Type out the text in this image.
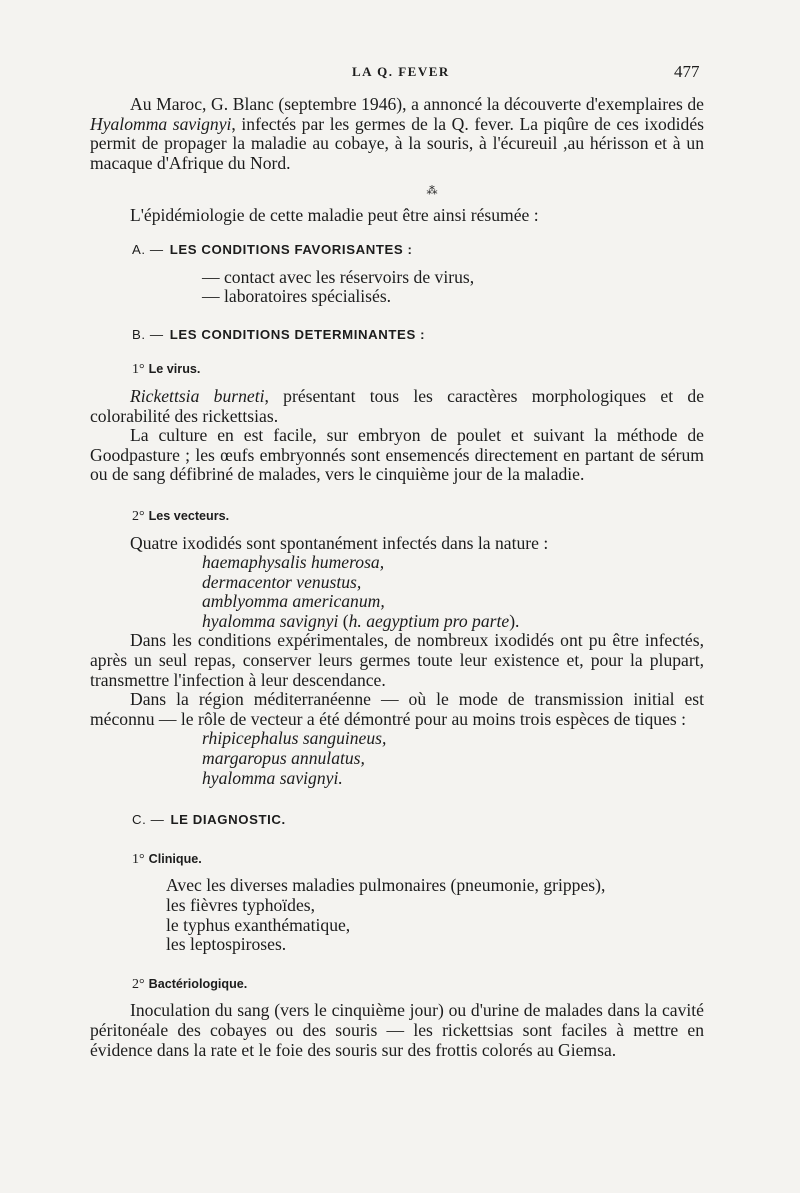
LA Q. FEVER	477

Au Maroc, G. Blanc (septembre 1946), a annoncé la découverte d'exemplaires de Hyalomma savignyi, infectés par les germes de la Q. fever. La piqûre de ces ixodidés permit de propager la maladie au cobaye, à la souris, à l'écureuil ,au hérisson et à un macaque d'Afrique du Nord.

⁂

L'épidémiologie de cette maladie peut être ainsi résumée :

A. — LES CONDITIONS FAVORISANTES :
— contact avec les réservoirs de virus,
— laboratoires spécialisés.
B. — LES CONDITIONS DETERMINANTES :
1° Le virus.

Rickettsia burneti, présentant tous les caractères morphologiques et de colorabilité des rickettsias.

La culture en est facile, sur embryon de poulet et suivant la méthode de Goodpasture ; les œufs embryonnés sont ensemencés directement en partant de sérum ou de sang défibriné de malades, vers le cinquième jour de la maladie.

2° Les vecteurs.

Quatre ixodidés sont spontanément infectés dans la nature :

haemaphysalis humerosa,
dermacentor venustus,
amblyomma americanum,
hyalomma savignyi (h. aegyptium pro parte).

Dans les conditions expérimentales, de nombreux ixodidés ont pu être infectés, après un seul repas, conserver leurs germes toute leur existence et, pour la plupart, transmettre l'infection à leur descendance.

Dans la région méditerranéenne — où le mode de transmission initial est méconnu — le rôle de vecteur a été démontré pour au moins trois espèces de tiques :

rhipicephalus sanguineus,
margaropus annulatus,
hyalomma savignyi.
C. — LE DIAGNOSTIC.
1° Clinique.
Avec les diverses maladies pulmonaires (pneumonie, grippes),
les fièvres typhoïdes,
le typhus exanthématique,
les leptospiroses.
2° Bactériologique.

Inoculation du sang (vers le cinquième jour) ou d'urine de malades dans la cavité péritonéale des cobayes ou des souris — les rickettsias sont faciles à mettre en évidence dans la rate et le foie des souris sur des frottis colorés au Giemsa.
